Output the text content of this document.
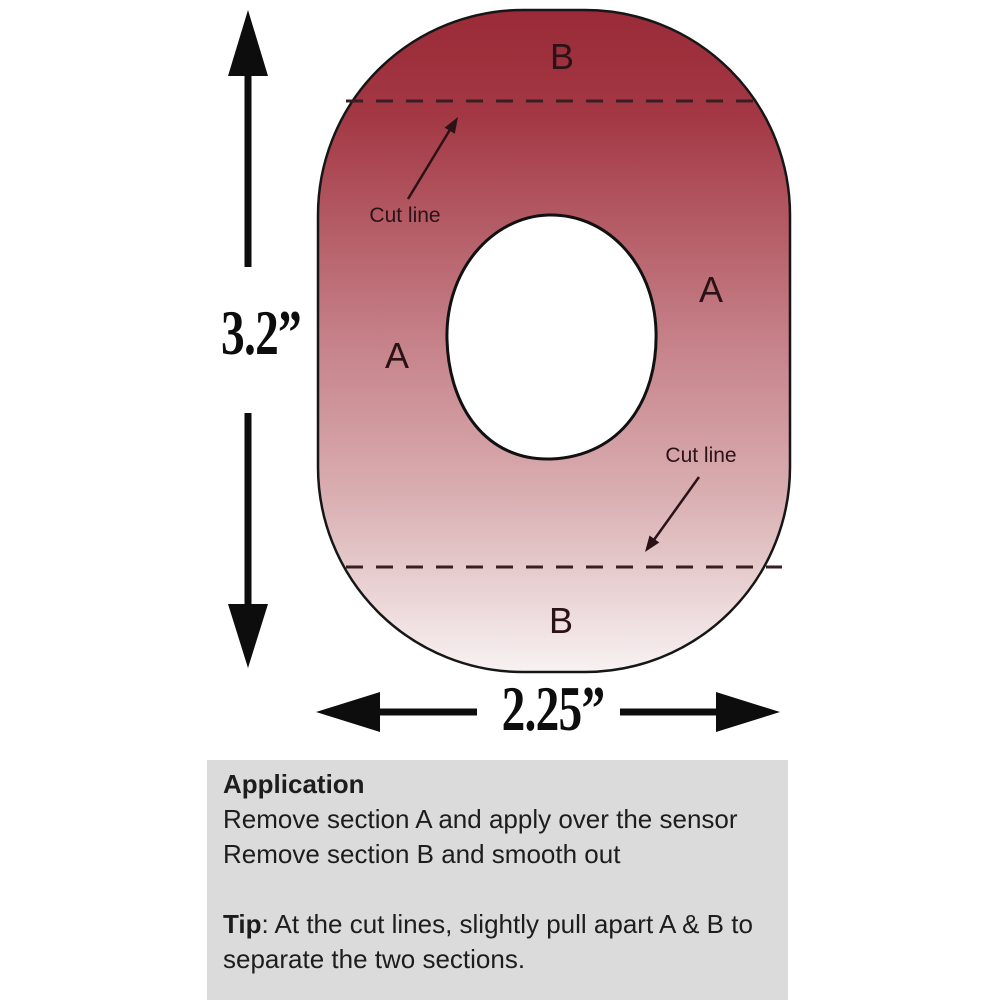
B
Cut line
A
A
Cut line
B
3.2”
2.25”
Application
Remove section A and apply over the sensor
Remove section B and smooth out
Tip: At the cut lines, slightly pull apart A & B to separate the two sections.
